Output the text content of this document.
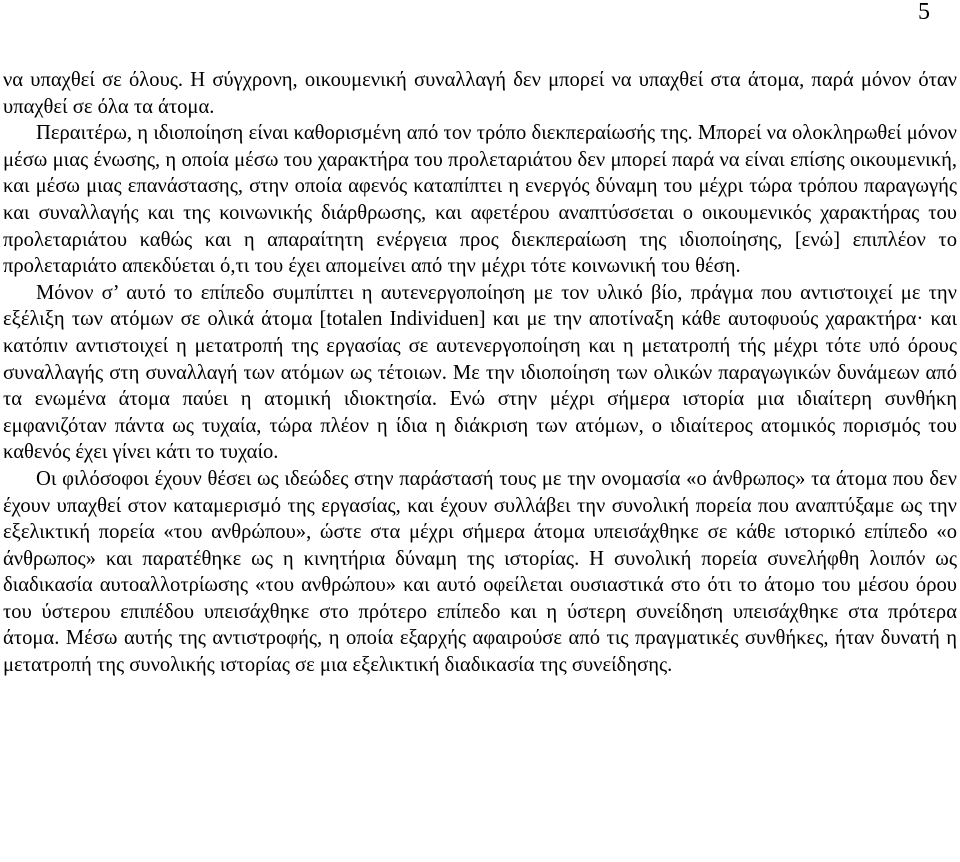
5

να υπαχθεί σε όλους. Η σύγχρονη, οικουμενική συναλλαγή δεν μπορεί να υπαχθεί στα άτομα, παρά μόνον όταν υπαχθεί σε όλα τα άτομα.

Περαιτέρω, η ιδιοποίηση είναι καθορισμένη από τον τρόπο διεκπεραίωσής της. Μπορεί να ολοκληρωθεί μόνον μέσω μιας ένωσης, η οποία μέσω του χαρακτήρα του προλεταριάτου δεν μπορεί παρά να είναι επίσης οικουμενική, και μέσω μιας επανάστασης, στην οποία αφενός καταπίπτει η ενεργός δύναμη του μέχρι τώρα τρόπου παραγωγής και συναλλαγής και της κοινωνικής διάρθρωσης, και αφετέρου αναπτύσσεται ο οικουμενικός χαρακτήρας του προλεταριάτου καθώς και η απαραίτητη ενέργεια προς διεκπεραίωση της ιδιοποίησης, [ενώ] επιπλέον το προλεταριάτο απεκδύεται ό,τι του έχει απομείνει από την μέχρι τότε κοινωνική του θέση.

Μόνον σ’ αυτό το επίπεδο συμπίπτει η αυτενεργοποίηση με τον υλικό βίο, πράγμα που αντιστοιχεί με την εξέλιξη των ατόμων σε ολικά άτομα [totalen Individuen] και με την αποτίναξη κάθε αυτοφυούς χαρακτήρα· και κατόπιν αντιστοιχεί η μετατροπή της εργασίας σε αυτενεργοποίηση και η μετατροπή τής μέχρι τότε υπό όρους συναλλαγής στη συναλλαγή των ατόμων ως τέτοιων. Με την ιδιοποίηση των ολικών παραγωγικών δυνάμεων από τα ενωμένα άτομα παύει η ατομική ιδιοκτησία. Ενώ στην μέχρι σήμερα ιστορία μια ιδιαίτερη συνθήκη εμφανιζόταν πάντα ως τυχαία, τώρα πλέον η ίδια η διάκριση των ατόμων, ο ιδιαίτερος ατομικός πορισμός του καθενός έχει γίνει κάτι το τυχαίο.

Οι φιλόσοφοι έχουν θέσει ως ιδεώδες στην παράστασή τους με την ονομασία «ο άνθρωπος» τα άτομα που δεν έχουν υπαχθεί στον καταμερισμό της εργασίας, και έχουν συλλάβει την συνολική πορεία που αναπτύξαμε ως την εξελικτική πορεία «του ανθρώπου», ώστε στα μέχρι σήμερα άτομα υπεισάχθηκε σε κάθε ιστορικό επίπεδο «ο άνθρωπος» και παρατέθηκε ως η κινητήρια δύναμη της ιστορίας. Η συνολική πορεία συνελήφθη λοιπόν ως διαδικασία αυτοαλλοτρίωσης «του ανθρώπου» και αυτό οφείλεται ουσιαστικά στο ότι το άτομο του μέσου όρου του ύστερου επιπέδου υπεισάχθηκε στο πρότερο επίπεδο και η ύστερη συνείδηση υπεισάχθηκε στα πρότερα άτομα. Μέσω αυτής της αντιστροφής, η οποία εξαρχής αφαιρούσε από τις πραγματικές συνθήκες, ήταν δυνατή η μετατροπή της συνολικής ιστορίας σε μια εξελικτική διαδικασία της συνείδησης.
